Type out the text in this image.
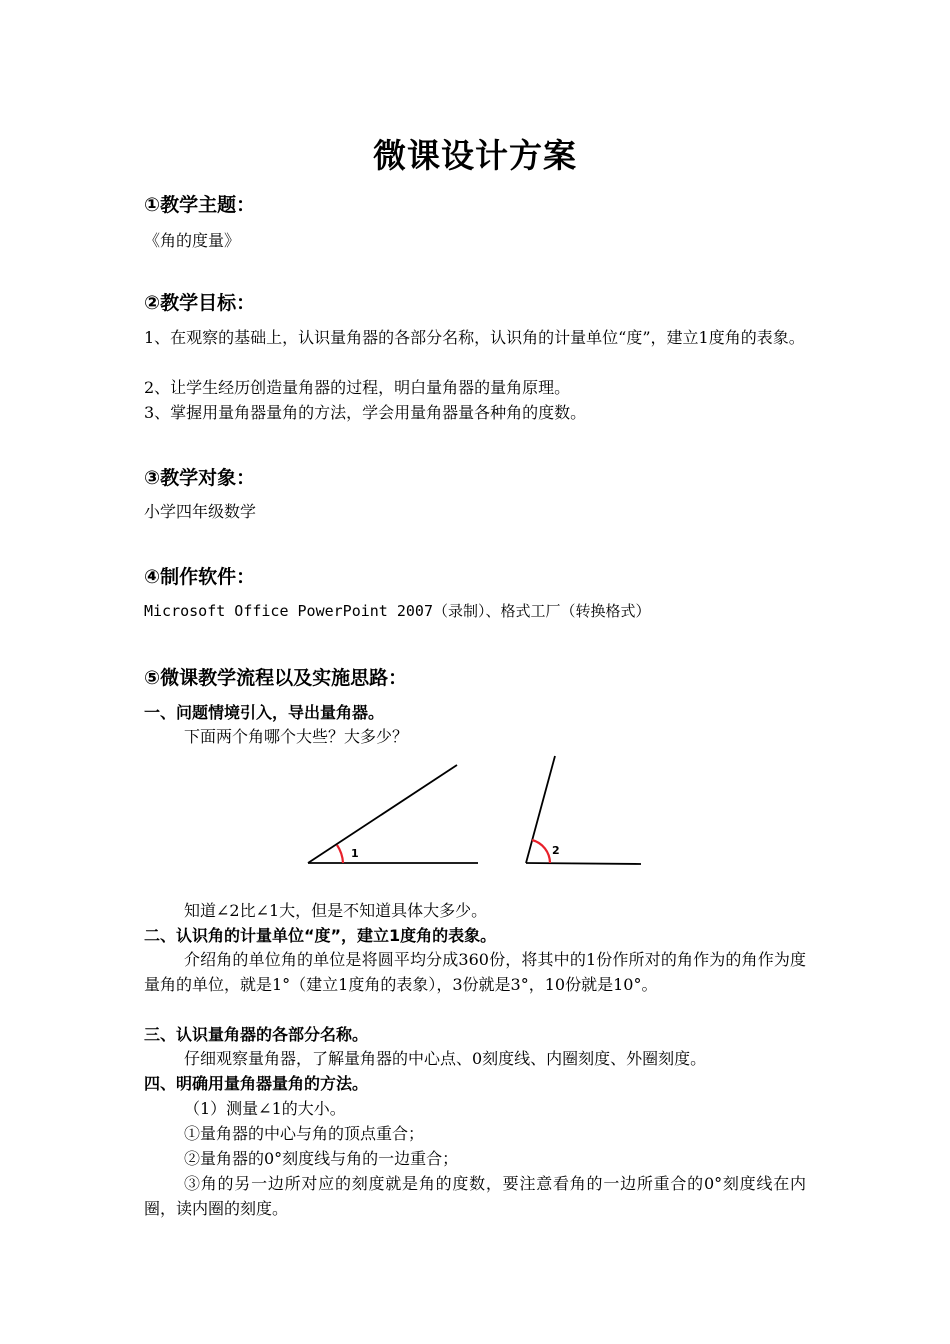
微课设计方案
①教学主题：
《角的度量》
②教学目标：
1、在观察的基础上，认识量角器的各部分名称，认识角的计量单位“度”，建立1度角的表象。
2、让学生经历创造量角器的过程，明白量角器的量角原理。
3、掌握用量角器量角的方法，学会用量角器量各种角的度数。
③教学对象：
小学四年级数学
④制作软件：
Microsoft Office PowerPoint 2007（录制）、格式工厂（转换格式）
⑤微课教学流程以及实施思路：
一、问题情境引入，导出量角器。
下面两个角哪个大些？大多少？
1	2
知道∠2比∠1大，但是不知道具体大多少。
二、认识角的计量单位“度”，建立1度角的表象。
介绍角的单位角的单位是将圆平均分成360份，将其中的1份作所对的角作为的角作为度量角的单位，就是1°（建立1度角的表象），3份就是3°，10份就是10°。
三、认识量角器的各部分名称。
仔细观察量角器，了解量角器的中心点、0刻度线、内圈刻度、外圈刻度。
四、明确用量角器量角的方法。
（1）测量∠1的大小。
①量角器的中心与角的顶点重合；
②量角器的0°刻度线与角的一边重合；
③角的另一边所对应的刻度就是角的度数，要注意看角的一边所重合的0°刻度线在内圈，读内圈的刻度。
